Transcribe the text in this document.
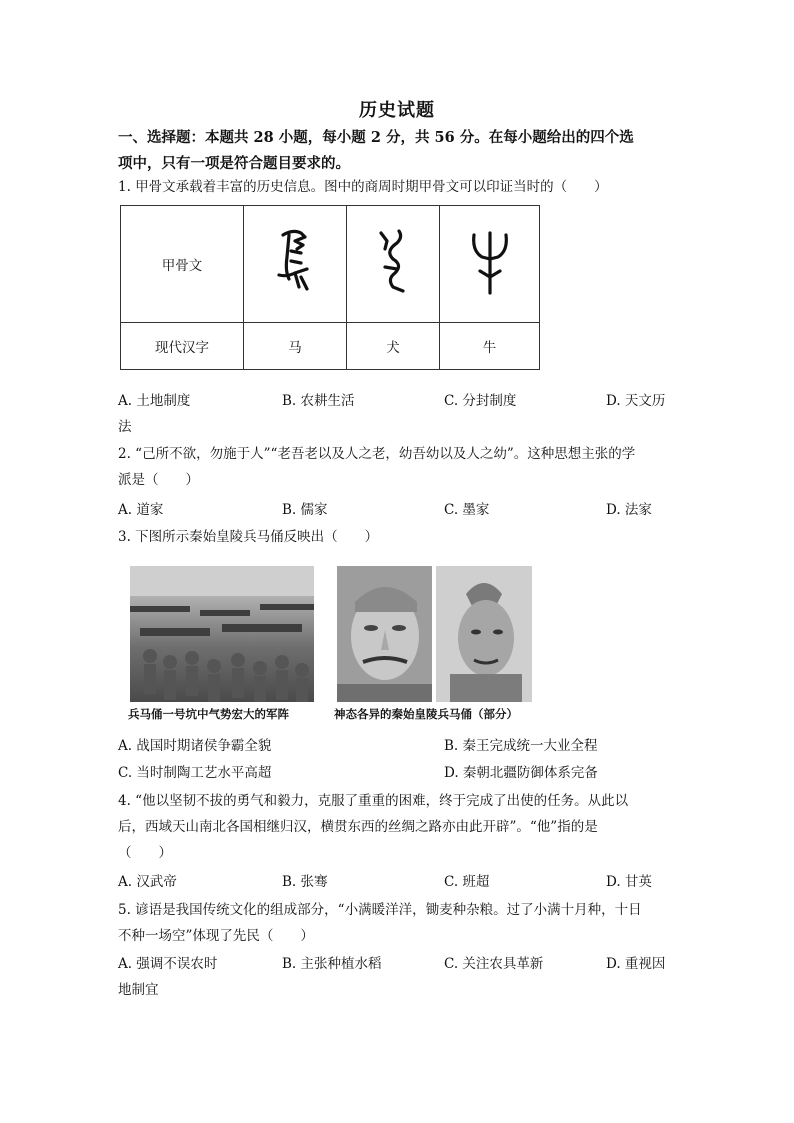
历史试题
一、选择题：本题共 28 小题，每小题 2 分，共 56 分。在每小题给出的四个选
项中，只有一项是符合题目要求的。
1. 甲骨文承载着丰富的历史信息。图中的商周时期甲骨文可以印证当时的（　　）
甲骨文			
现代汉字	马	犬	牛
A. 土地制度	B. 农耕生活	C. 分封制度	D. 天文历
法
2. “己所不欲，勿施于人”“老吾老以及人之老，幼吾幼以及人之幼”。这种思想主张的学
派是（　　）
A. 道家	B. 儒家	C. 墨家	D. 法家
3. 下图所示秦始皇陵兵马俑反映出（　　）
兵马俑一号坑中气势宏大的军阵	神态各异的秦始皇陵兵马俑（部分）
A. 战国时期诸侯争霸全貌	B. 秦王完成统一大业全程
C. 当时制陶工艺水平高超	D. 秦朝北疆防御体系完备
4. “他以坚韧不拔的勇气和毅力，克服了重重的困难，终于完成了出使的任务。从此以
后，西域天山南北各国相继归汉，横贯东西的丝绸之路亦由此开辟”。“他”指的是
（　　）
A. 汉武帝	B. 张骞	C. 班超	D. 甘英
5. 谚语是我国传统文化的组成部分，“小满暖洋洋，锄麦种杂粮。过了小满十月种，十日
不种一场空”体现了先民（　　）
A. 强调不误农时	B. 主张种植水稻	C. 关注农具革新	D. 重视因
地制宜
